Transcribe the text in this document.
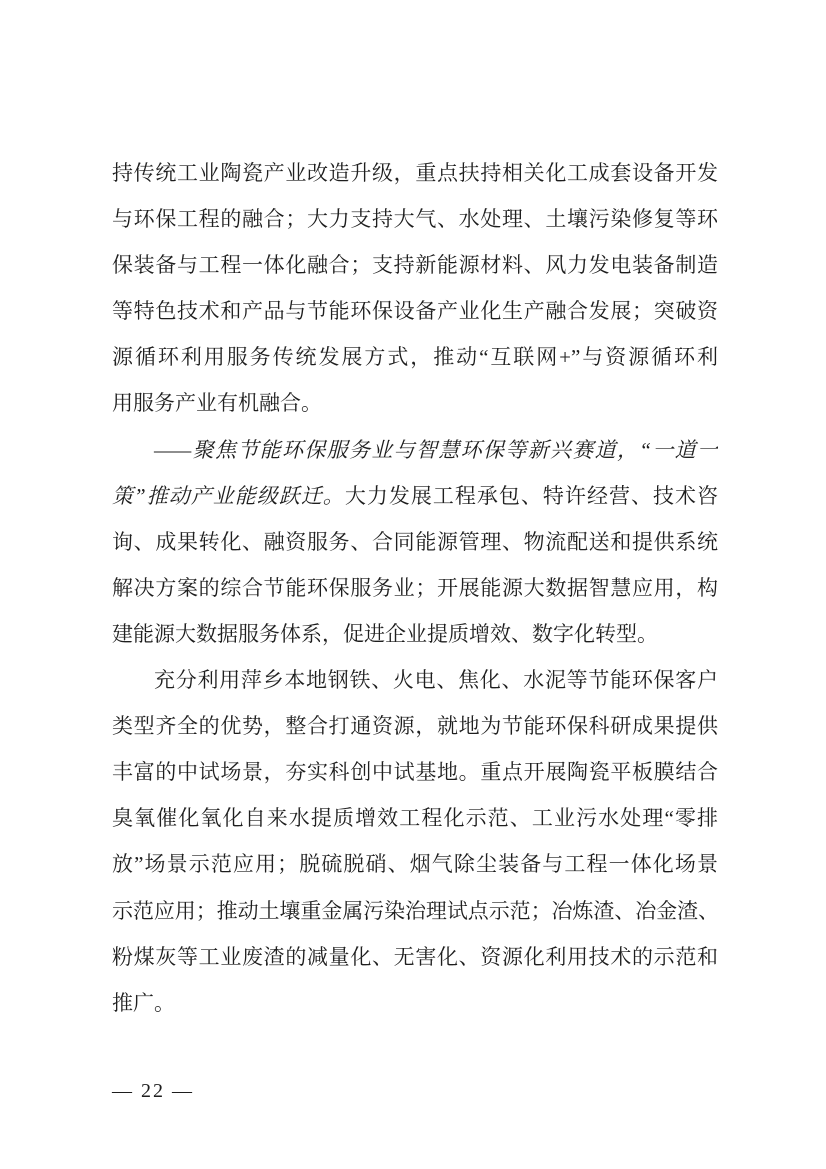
持传统工业陶瓷产业改造升级，重点扶持相关化工成套设备开发
与环保工程的融合；大力支持大气、水处理、土壤污染修复等环
保装备与工程一体化融合；支持新能源材料、风力发电装备制造
等特色技术和产品与节能环保设备产业化生产融合发展；突破资
源循环利用服务传统发展方式，推动“互联网+”与资源循环利
用服务产业有机融合。
——聚焦节能环保服务业与智慧环保等新兴赛道，“一道一
策”推动产业能级跃迁。大力发展工程承包、特许经营、技术咨
询、成果转化、融资服务、合同能源管理、物流配送和提供系统
解决方案的综合节能环保服务业；开展能源大数据智慧应用，构
建能源大数据服务体系，促进企业提质增效、数字化转型。
充分利用萍乡本地钢铁、火电、焦化、水泥等节能环保客户
类型齐全的优势，整合打通资源，就地为节能环保科研成果提供
丰富的中试场景，夯实科创中试基地。重点开展陶瓷平板膜结合
臭氧催化氧化自来水提质增效工程化示范、工业污水处理“零排
放”场景示范应用；脱硫脱硝、烟气除尘装备与工程一体化场景
示范应用；推动土壤重金属污染治理试点示范；冶炼渣、冶金渣、
粉煤灰等工业废渣的减量化、无害化、资源化利用技术的示范和
推广。
— 22 —
